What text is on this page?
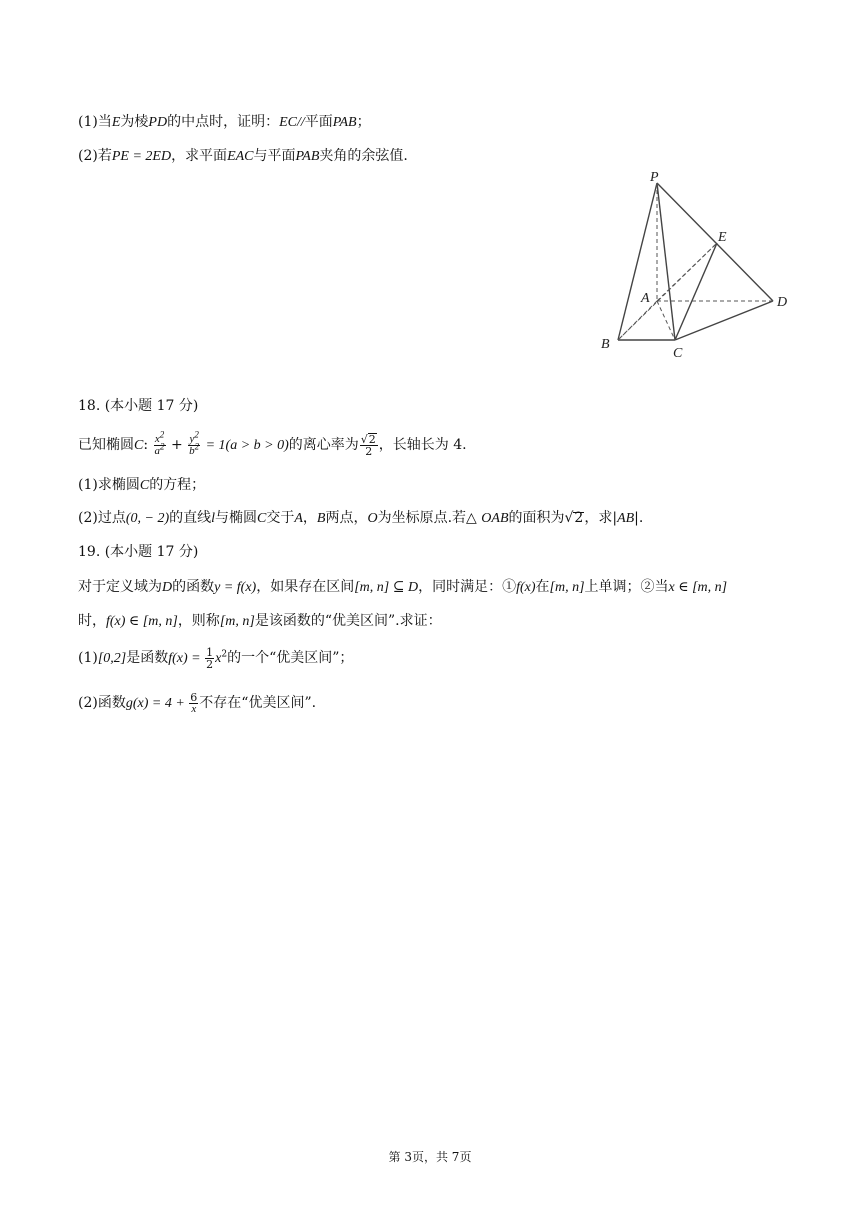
(1)当E为棱PD的中点时，证明：EC//平面PAB；
(2)若PE = 2ED，求平面EAC与平面PAB夹角的余弦值.
P
E
A	D
B
C
18. (本小题 17 分)
已知椭圆C: $\frac{x^2}{a^2} + \frac{y^2}{b^2} = 1(a > b > 0)$的离心率为 $\frac{√2}{2}$ ，长轴长为 4.
(1)求椭圆C的方程；
(2)过点(0, − 2)的直线l与椭圆C交于A，B两点，O为坐标原点.若△ OAB的面积为√2，求|AB|.
19. (本小题 17 分)
对于定义域为D的函数y = f(x)，如果存在区间[m, n] ⊆ D，同时满足：①f(x)在[m, n]上单调；②当x ∈ [m, n]
时，f(x) ∈ [m, n]，则称[m, n]是该函数的“优美区间”.求证：
(1)[0,2]是函数$f(x) = \frac{1}{2} x^2$的一个“优美区间”；
(2)函数$g(x) = 4 + \frac{6}{x}$ 不存在“优美区间”.
第 3页，共 7页
